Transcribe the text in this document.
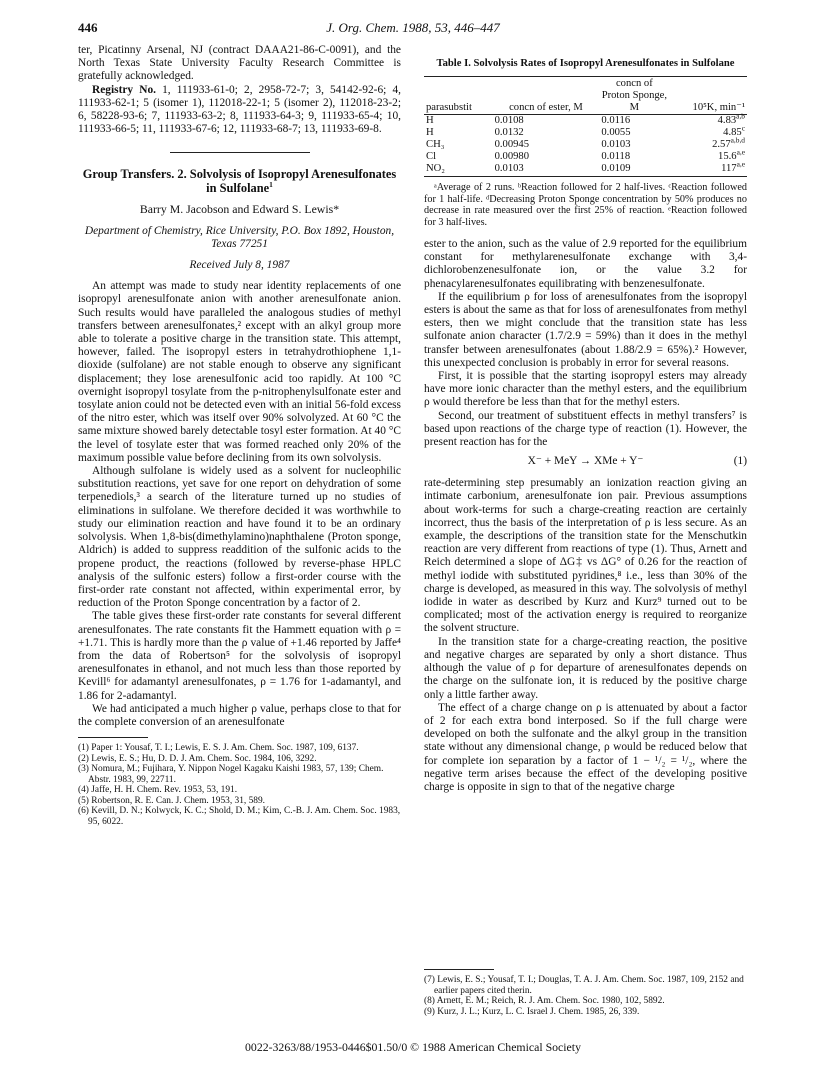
446	J. Org. Chem. 1988, 53, 446–447

ter, Picatinny Arsenal, NJ (contract DAAA21-86-C-0091), and the North Texas State University Faculty Research Committee is gratefully acknowledged.

Registry No. 1, 111933-61-0; 2, 2958-72-7; 3, 54142-92-6; 4, 111933-62-1; 5 (isomer 1), 112018-22-1; 5 (isomer 2), 112018-23-2; 6, 58228-93-6; 7, 111933-63-2; 8, 111933-64-3; 9, 111933-65-4; 10, 111933-66-5; 11, 111933-67-6; 12, 111933-68-7; 13, 111933-69-8.

Group Transfers. 2. Solvolysis of Isopropyl Arenesulfonates in Sulfolane$^1$
Barry M. Jacobson and Edward S. Lewis*
Department of Chemistry, Rice University, P.O. Box 1892, Houston, Texas 77251
Received July 8, 1987

An attempt was made to study near identity replacements of one isopropyl arenesulfonate anion with another arenesulfonate anion. Such results would have paralleled the analogous studies of methyl transfers between arenesulfonates,² except with an alkyl group more able to tolerate a positive charge in the transition state. This attempt, however, failed. The isopropyl esters in tetrahydrothiophene 1,1-dioxide (sulfolane) are not stable enough to observe any significant displacement; they lose arenesulfonic acid too rapidly. At 100 °C overnight isopropyl tosylate from the p-nitrophenylsulfonate ester and tosylate anion could not be detected even with an initial 56-fold excess of the nitro ester, which was itself over 90% solvolyzed. At 60 °C the same mixture showed barely detectable tosyl ester formation. At 40 °C the level of tosylate ester that was formed reached only 20% of the maximum possible value before declining from its own solvolysis.

Although sulfolane is widely used as a solvent for nucleophilic substitution reactions, yet save for one report on dehydration of some terpenediols,³ a search of the literature turned up no studies of eliminations in sulfolane. We therefore decided it was worthwhile to study our elimination reaction and have found it to be an ordinary solvolysis. When 1,8-bis(dimethylamino)naphthalene (Proton sponge, Aldrich) is added to suppress readdition of the sulfonic acids to the propene product, the reactions (followed by reverse-phase HPLC analysis of the sulfonic esters) follow a first-order course with the first-order rate constant not affected, within experimental error, by reduction of the Proton Sponge concentration by a factor of 2.

The table gives these first-order rate constants for several different arenesulfonates. The rate constants fit the Hammett equation with ρ = +1.71. This is hardly more than the ρ value of +1.46 reported by Jaffe⁴ from the data of Robertson⁵ for the solvolysis of isopropyl arenesulfonates in ethanol, and not much less than those reported by Kevill⁶ for adamantyl arenesulfonates, ρ = 1.76 for 1-adamantyl, and 1.86 for 2-adamantyl.

We had anticipated a much higher ρ value, perhaps close to that for the complete conversion of an arenesulfonate

(1) Paper 1: Yousaf, T. I.; Lewis, E. S. J. Am. Chem. Soc. 1987, 109, 6137.
(2) Lewis, E. S.; Hu, D. D. J. Am. Chem. Soc. 1984, 106, 3292.
(3) Nomura, M.; Fujihara, Y. Nippon Nogel Kagaku Kaishi 1983, 57, 139; Chem. Abstr. 1983, 99, 22711.
(4) Jaffe, H. H. Chem. Rev. 1953, 53, 191.
(5) Robertson, R. E. Can. J. Chem. 1953, 31, 589.
(6) Kevill, D. N.; Kolwyck, K. C.; Shold, D. M.; Kim, C.-B. J. Am. Chem. Soc. 1983, 95, 6022.
Table I. Solvolysis Rates of Isopropyl Arenesulfonates in Sulfolane
parasubstit	concn of ester, M	concn of Proton Sponge, M	10⁵K, min⁻¹

H	0.0108	0.0116	4.83$^{a,b}$
H	0.0132	0.0055	4.85$^c$
CH₃	0.00945	0.0103	2.57$^{a,b,d}$
Cl	0.00980	0.0118	15.6$^{a,e}$
NO₂	0.0103	0.0109	117$^{a,e}$

ᵃAverage of 2 runs. ᵇReaction followed for 2 half-lives. ᶜReaction followed for 1 half-life. ᵈDecreasing Proton Sponge concentration by 50% produces no decrease in rate measured over the first 25% of reaction. ᵉReaction followed for 3 half-lives.

ester to the anion, such as the value of 2.9 reported for the equilibrium constant for methylarenesulfonate exchange with 3,4-dichlorobenzenesulfonate ion, or the value 3.2 for phenacylarenesulfonates equilibrating with benzenesulfonate.

If the equilibrium ρ for loss of arenesulfonates from the isopropyl esters is about the same as that for loss of arenesulfonates from methyl esters, then we might conclude that the transition state has less sulfonate anion character (1.7/2.9 = 59%) than it does in the methyl transfer between arenesulfonates (about 1.88/2.9 = 65%).² However, this unexpected conclusion is probably in error for several reasons.

First, it is possible that the starting isopropyl esters may already have more ionic character than the methyl esters, and the equilibrium ρ would therefore be less than that for the methyl esters.

Second, our treatment of substituent effects in methyl transfers⁷ is based upon reactions of the charge type of reaction (1). However, the present reaction has for the

X⁻ + MeY → XMe + Y⁻	(1)

rate-determining step presumably an ionization reaction giving an intimate carbonium, arenesulfonate ion pair. Previous assumptions about work-terms for such a charge-creating reaction are certainly incorrect, thus the basis of the interpretation of ρ is less secure. As an example, the descriptions of the transition state for the Menschutkin reaction are very different from reactions of type (1). Thus, Arnett and Reich determined a slope of ΔG‡ vs ΔG° of 0.26 for the reaction of methyl iodide with substituted pyridines,⁸ i.e., less than 30% of the charge is developed, as measured in this way. The solvolysis of methyl iodide in water as described by Kurz and Kurz⁹ turned out to be complicated; most of the activation energy is required to reorganize the solvent structure.

In the transition state for a charge-creating reaction, the positive and negative charges are separated by only a short distance. Thus although the value of ρ for departure of arenesulfonates depends on the charge on the sulfonate ion, it is reduced by the positive charge only a little farther away.

The effect of a charge change on ρ is attenuated by about a factor of 2 for each extra bond interposed. So if the full charge were developed on both the sulfonate and the alkyl group in the transition state without any dimensional change, ρ would be reduced below that for complete ion separation by a factor of 1 − ¹/₂ = ¹/₂, where the negative term arises because the effect of the developing positive charge is opposite in sign to that of the negative charge

(7) Lewis, E. S.; Yousaf, T. I.; Douglas, T. A. J. Am. Chem. Soc. 1987, 109, 2152 and earlier papers cited therin.
(8) Arnett, E. M.; Reich, R. J. Am. Chem. Soc. 1980, 102, 5892.
(9) Kurz, J. L.; Kurz, L. C. Israel J. Chem. 1985, 26, 339.
0022-3263/88/1953-0446$01.50/0 © 1988 American Chemical Society
